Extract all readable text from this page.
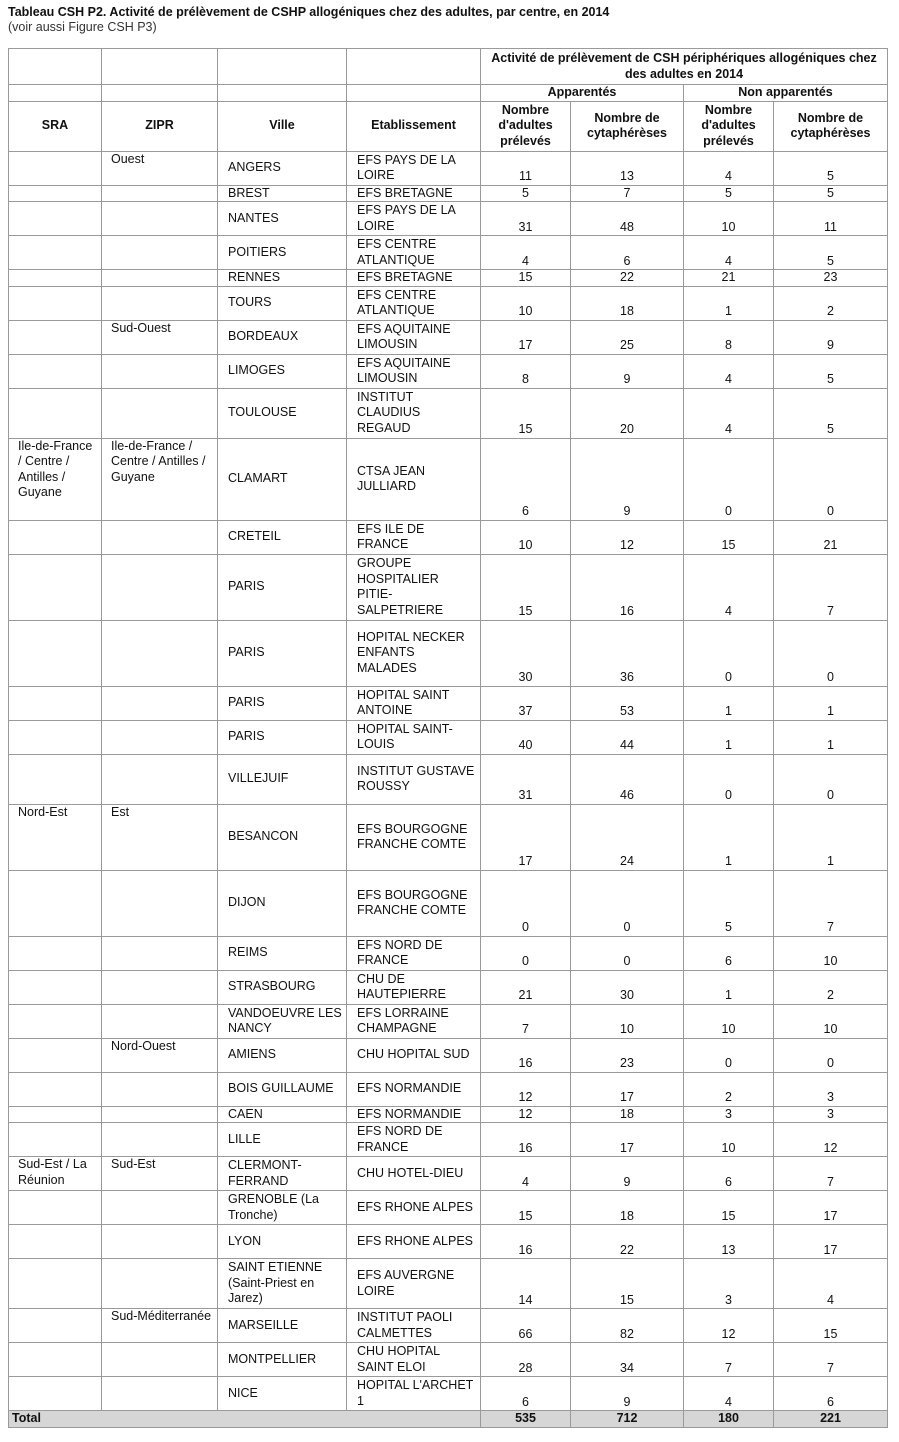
Tableau CSH P2. Activité de prélèvement de CSHP allogéniques chez des adultes, par centre, en 2014
(voir aussi Figure CSH P3)
				Activité de prélèvement de CSH périphériques allogéniques chez des adultes en 2014			
				Apparentés		Non apparentés	
SRA	ZIPR	Ville	Etablissement	Nombre d'adultes prélevés	Nombre de cytaphérèses	Nombre d'adultes prélevés	Nombre de cytaphérèses
	Ouest	ANGERS	EFS PAYS DE LA LOIRE	11	13	4	5
		BREST	EFS BRETAGNE	5	7	5	5
		NANTES	EFS PAYS DE LA LOIRE	31	48	10	11
		POITIERS	EFS CENTRE ATLANTIQUE	4	6	4	5
		RENNES	EFS BRETAGNE	15	22	21	23
		TOURS	EFS CENTRE ATLANTIQUE	10	18	1	2
	Sud-Ouest	BORDEAUX	EFS AQUITAINE LIMOUSIN	17	25	8	9
		LIMOGES	EFS AQUITAINE LIMOUSIN	8	9	4	5
		TOULOUSE	INSTITUT CLAUDIUS REGAUD	15	20	4	5
Ile-de-France / Centre / Antilles / Guyane	Ile-de-France / Centre / Antilles / Guyane	CLAMART	CTSA JEAN JULLIARD	6	9	0	0
		CRETEIL	EFS ILE DE FRANCE	10	12	15	21
		PARIS	GROUPE HOSPITALIER PITIE-SALPETRIERE	15	16	4	7
		PARIS	HOPITAL NECKER ENFANTS MALADES	30	36	0	0
		PARIS	HOPITAL SAINT ANTOINE	37	53	1	1
		PARIS	HOPITAL SAINT-LOUIS	40	44	1	1
		VILLEJUIF	INSTITUT GUSTAVE ROUSSY	31	46	0	0
Nord-Est	Est	BESANCON	EFS BOURGOGNE FRANCHE COMTE	17	24	1	1
		DIJON	EFS BOURGOGNE FRANCHE COMTE	0	0	5	7
		REIMS	EFS NORD DE FRANCE	0	0	6	10
		STRASBOURG	CHU DE HAUTEPIERRE	21	30	1	2
		VANDOEUVRE LES NANCY	EFS LORRAINE CHAMPAGNE	7	10	10	10
	Nord-Ouest	AMIENS	CHU HOPITAL SUD	16	23	0	0
		BOIS GUILLAUME	EFS NORMANDIE	12	17	2	3
		CAEN	EFS NORMANDIE	12	18	3	3
		LILLE	EFS NORD DE FRANCE	16	17	10	12
Sud-Est / La Réunion	Sud-Est	CLERMONT-FERRAND	CHU HOTEL-DIEU	4	9	6	7
		GRENOBLE (La Tronche)	EFS RHONE ALPES	15	18	15	17
		LYON	EFS RHONE ALPES	16	22	13	17
		SAINT ETIENNE (Saint-Priest en Jarez)	EFS AUVERGNE LOIRE	14	15	3	4
	Sud-Méditerranée	MARSEILLE	INSTITUT PAOLI CALMETTES	66	82	12	15
		MONTPELLIER	CHU HOPITAL SAINT ELOI	28	34	7	7
		NICE	HOPITAL L'ARCHET 1	6	9	4	6
Total				535	712	180	221
